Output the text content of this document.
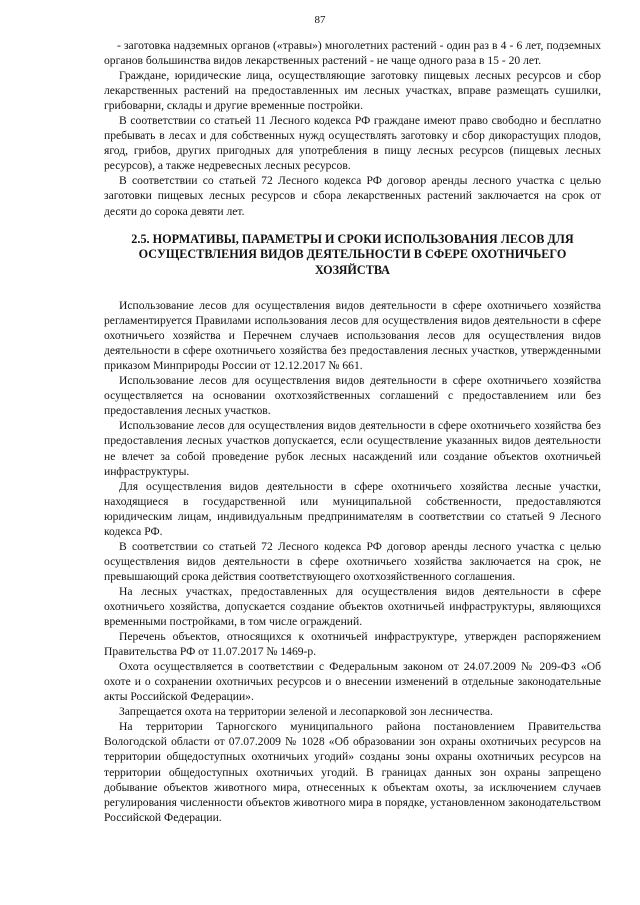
87

- заготовка надземных органов («травы») многолетних растений - один раз в 4 - 6 лет, подземных органов большинства видов лекарственных растений - не чаще одного раза в 15 - 20 лет.

Граждане, юридические лица, осуществляющие заготовку пищевых лесных ресурсов и сбор лекарственных растений на предоставленных им лесных участках, вправе размещать сушилки, грибоварни, склады и другие временные постройки.

В соответствии со статьей 11 Лесного кодекса РФ граждане имеют право свободно и бесплатно пребывать в лесах и для собственных нужд осуществлять заготовку и сбор дикорастущих плодов, ягод, грибов, других пригодных для употребления в пищу лесных ресурсов (пищевых лесных ресурсов), а также недревесных лесных ресурсов.

В соответствии со статьей 72 Лесного кодекса РФ договор аренды лесного участка с целью заготовки пищевых лесных ресурсов и сбора лекарственных растений заключается на срок от десяти до сорока девяти лет.

2.5. НОРМАТИВЫ, ПАРАМЕТРЫ И СРОКИ ИСПОЛЬЗОВАНИЯ ЛЕСОВ ДЛЯ ОСУЩЕСТВЛЕНИЯ ВИДОВ ДЕЯТЕЛЬНОСТИ В СФЕРЕ ОХОТНИЧЬЕГО ХОЗЯЙСТВА

Использование лесов для осуществления видов деятельности в сфере охотничьего хозяйства регламентируется Правилами использования лесов для осуществления видов деятельности в сфере охотничьего хозяйства и Перечнем случаев использования лесов для осуществления видов деятельности в сфере охотничьего хозяйства без предоставления лесных участков, утвержденными приказом Минприроды России от 12.12.2017 № 661.

Использование лесов для осуществления видов деятельности в сфере охотничьего хозяйства осуществляется на основании охотхозяйственных соглашений с предоставлением или без предоставления лесных участков.

Использование лесов для осуществления видов деятельности в сфере охотничьего хозяйства без предоставления лесных участков допускается, если осуществление указанных видов деятельности не влечет за собой проведение рубок лесных насаждений или создание объектов охотничьей инфраструктуры.

Для осуществления видов деятельности в сфере охотничьего хозяйства лесные участки, находящиеся в государственной или муниципальной собственности, предоставляются юридическим лицам, индивидуальным предпринимателям в соответствии со статьей 9 Лесного кодекса РФ.

В соответствии со статьей 72 Лесного кодекса РФ договор аренды лесного участка с целью осуществления видов деятельности в сфере охотничьего хозяйства заключается на срок, не превышающий срока действия соответствующего охотхозяйственного соглашения.

На лесных участках, предоставленных для осуществления видов деятельности в сфере охотничьего хозяйства, допускается создание объектов охотничьей инфраструктуры, являющихся временными постройками, в том числе ограждений.

Перечень объектов, относящихся к охотничьей инфраструктуре, утвержден распоряжением Правительства РФ от 11.07.2017 № 1469-р.

Охота осуществляется в соответствии с Федеральным законом от 24.07.2009 № 209-ФЗ «Об охоте и о сохранении охотничьих ресурсов и о внесении изменений в отдельные законодательные акты Российской Федерации».

Запрещается охота на территории зеленой и лесопарковой зон лесничества.

На территории Тарногского муниципального района постановлением Правительства Вологодской области от 07.07.2009 № 1028 «Об образовании зон охраны охотничьих ресурсов на территории общедоступных охотничьих угодий» созданы зоны охраны охотничьих ресурсов на территории общедоступных охотничьих угодий. В границах данных зон охраны запрещено добывание объектов животного мира, отнесенных к объектам охоты, за исключением случаев регулирования численности объектов животного мира в порядке, установленном законодательством Российской Федерации.
